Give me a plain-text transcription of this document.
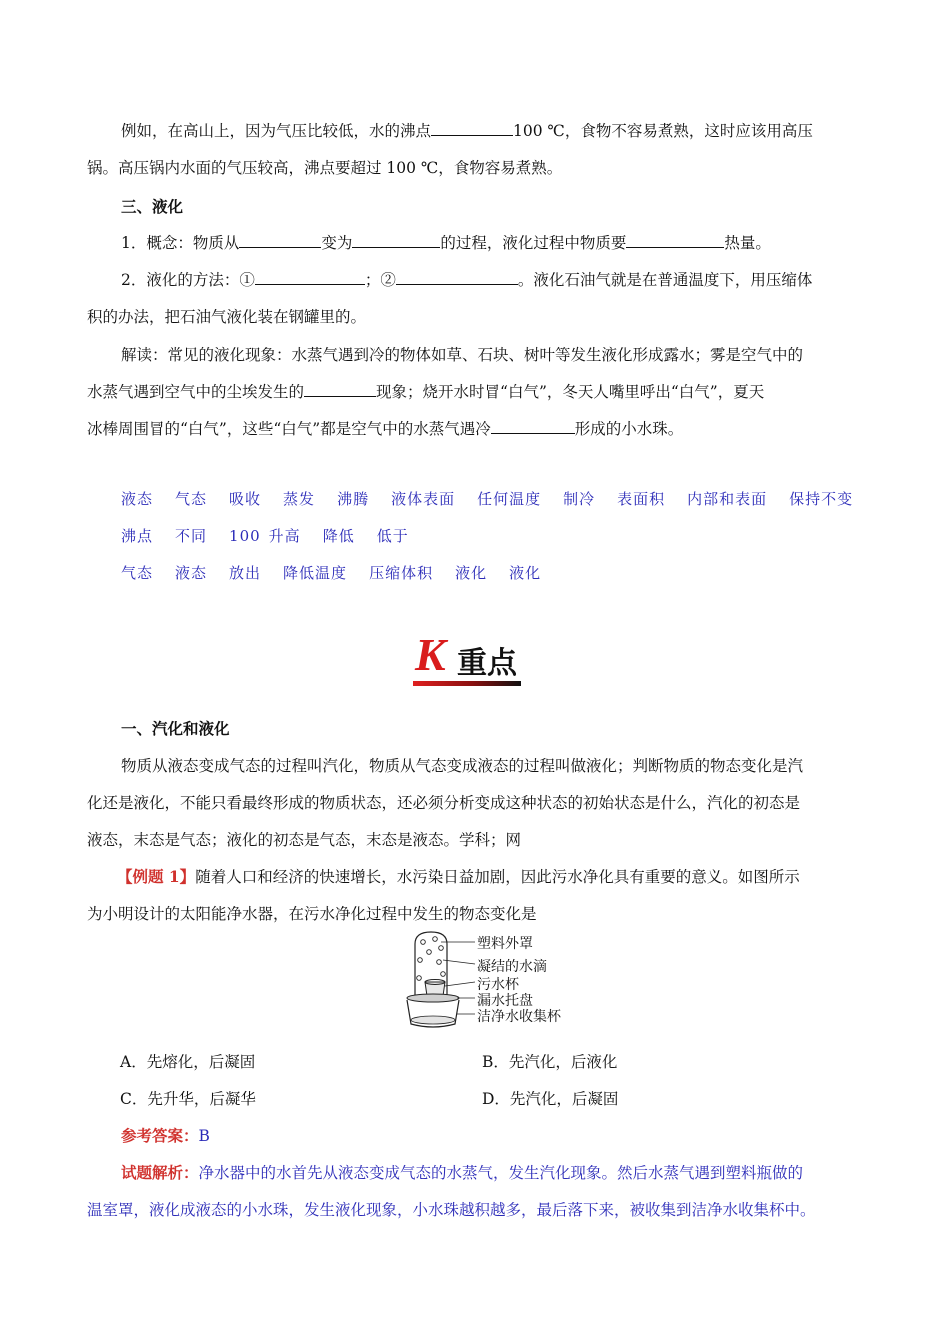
例如，在高山上，因为气压比较低，水的沸点	100 ℃，食物不容易煮熟，这时应该用高压
锅。高压锅内水面的气压较高，沸点要超过 100 ℃，食物容易煮熟。
三、液化
1．概念：物质从	变为	的过程，液化过程中物质要	热量。
2．液化的方法：①	；②	。液化石油气就是在普通温度下，用压缩体
积的办法，把石油气液化装在钢罐里的。
解读：常见的液化现象：水蒸气遇到冷的物体如草、石块、树叶等发生液化形成露水；雾是空气中的
水蒸气遇到空气中的尘埃发生的	现象；烧开水时冒“白气”，冬天人嘴里呼出“白气”，夏天
冰棒周围冒的“白气”，这些“白气”都是空气中的水蒸气遇冷	形成的小水珠。
液态 气态 吸收 蒸发 沸腾 液体表面 任何温度 制冷 表面积 内部和表面 保持不变
沸点 不同 100 升高 降低 低于
气态 液态 放出 降低温度 压缩体积 液化 液化
K 重点
一、汽化和液化
物质从液态变成气态的过程叫汽化，物质从气态变成液态的过程叫做液化；判断物质的物态变化是汽
化还是液化，不能只看最终形成的物质状态，还必须分析变成这种状态的初始状态是什么，汽化的初态是
液态，末态是气态；液化的初态是气态，末态是液态。学科；网
【例题 1】随着人口和经济的快速增长，水污染日益加剧，因此污水净化具有重要的意义。如图所示
为小明设计的太阳能净水器，在污水净化过程中发生的物态变化是
塑料外罩
凝结的水滴
污水杯
漏水托盘
洁净水收集杯
A．先熔化，后凝固	B．先汽化，后液化
C．先升华，后凝华	D．先汽化，后凝固
参考答案：B
试题解析：净水器中的水首先从液态变成气态的水蒸气，发生汽化现象。然后水蒸气遇到塑料瓶做的
温室罩，液化成液态的小水珠，发生液化现象，小水珠越积越多，最后落下来，被收集到洁净水收集杯中。
